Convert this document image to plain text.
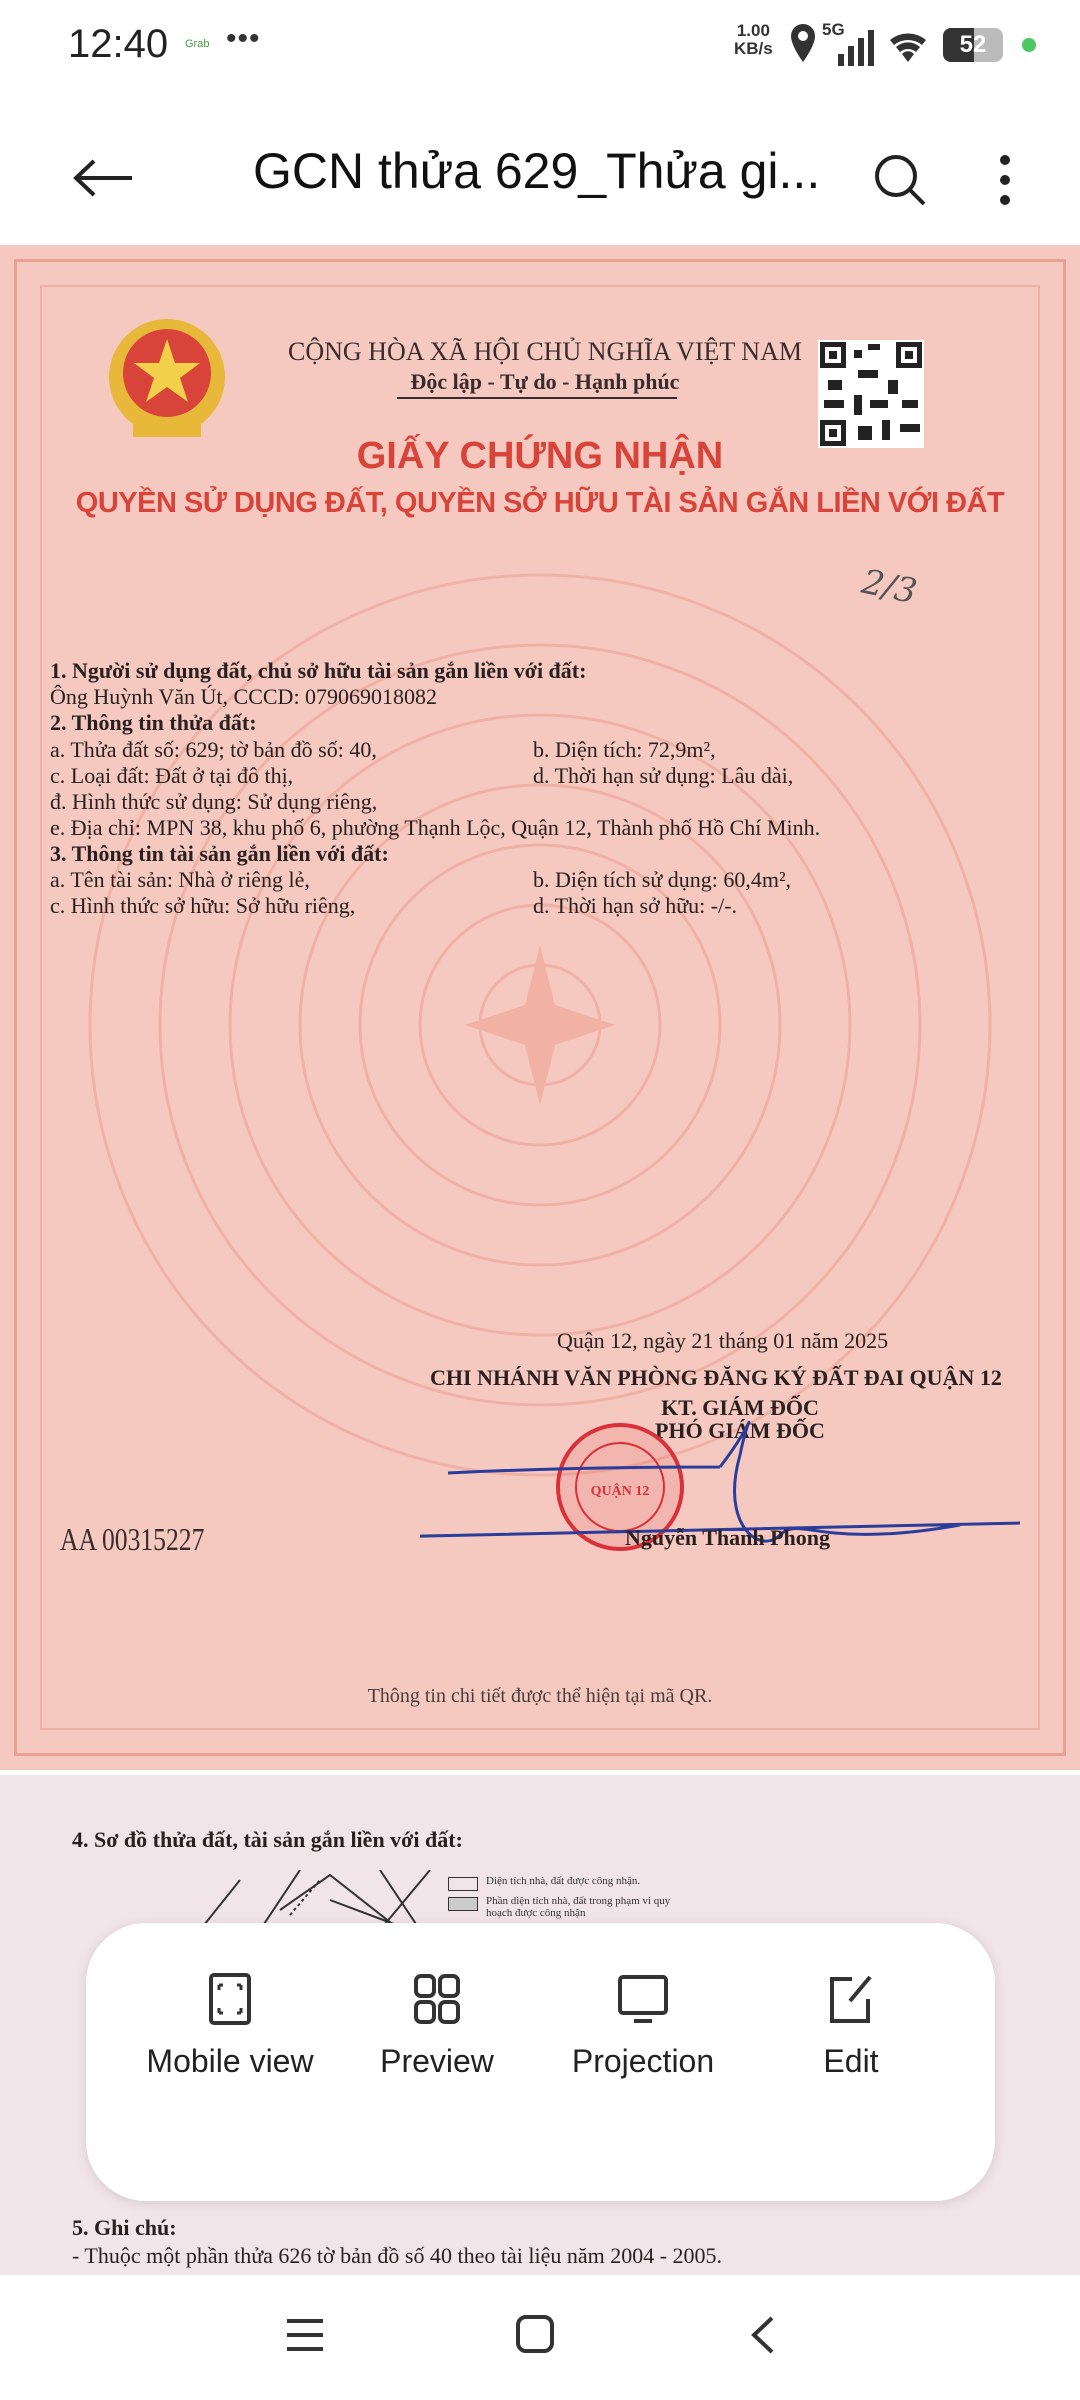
12:40 Grab •••	1.00
KB/s
5G
52
GCN thửa 629_Thửa gi...
CỘNG HÒA XÃ HỘI CHỦ NGHĨA VIỆT NAM
Độc lập - Tự do - Hạnh phúc
GIẤY CHỨNG NHẬN
QUYỀN SỬ DỤNG ĐẤT, QUYỀN SỞ HỮU TÀI SẢN GẮN LIỀN VỚI ĐẤT
2/3
1. Người sử dụng đất, chủ sở hữu tài sản gắn liền với đất:
Ông Huỳnh Văn Út, CCCD: 079069018082
2. Thông tin thửa đất:
a. Thửa đất số: 629; tờ bản đồ số: 40,	b. Diện tích: 72,9m²,
c. Loại đất: Đất ở tại đô thị,	d. Thời hạn sử dụng: Lâu dài,
đ. Hình thức sử dụng: Sử dụng riêng,
e. Địa chỉ: MPN 38, khu phố 6, phường Thạnh Lộc, Quận 12, Thành phố Hồ Chí Minh.
3. Thông tin tài sản gắn liền với đất:
a. Tên tài sản: Nhà ở riêng lẻ,	b. Diện tích sử dụng: 60,4m²,
c. Hình thức sở hữu: Sở hữu riêng,	d. Thời hạn sở hữu: -/-.
Quận 12, ngày 21 tháng 01 năm 2025
CHI NHÁNH VĂN PHÒNG ĐĂNG KÝ ĐẤT ĐAI QUẬN 12
KT. GIÁM ĐỐC
PHÓ GIÁM ĐỐC
QUẬN 12
Nguyễn Thanh Phong
AA 00315227
Thông tin chi tiết được thể hiện tại mã QR.
4. Sơ đồ thửa đất, tài sản gắn liền với đất:
Diện tích nhà, đất được công nhận.
Phần diện tích nhà, đất trong phạm vi quy hoạch được công nhận
5. Ghi chú:
- Thuộc một phần thửa 626 tờ bản đồ số 40 theo tài liệu năm 2004 - 2005.
Mobile view	Preview	Projection	Edit
